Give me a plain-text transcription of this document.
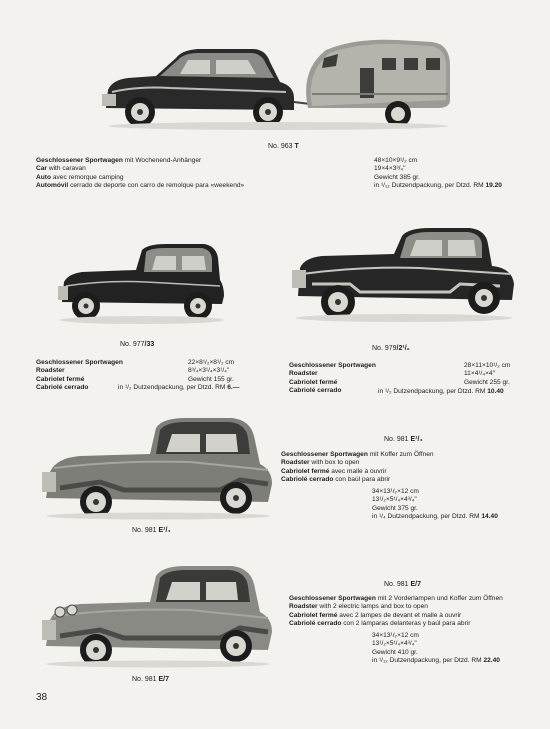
No. 963 T
Geschlossener Sportwagen mit Wochenend-Anhänger
Car with caravan
Auto avec remorque camping
Automóvil cerrado de deporte con carro de remolque para «weekend»
48×10×9¹/₂ cm
19×4×3³/₄"
Gewicht 385 gr.
in ¹/₁₂ Dutzendpackung, per Dtzd. RM 19.20
No. 977/33
Geschlossener Sportwagen
Roadster
Cabriolet fermé
Cabriolé cerrado
22×8¹/₂×8¹/₂ cm
8³/₄×3¹/₄×3¹/₄"
Gewicht 155 gr.
in ¹/₂ Dutzendpackung, per Dtzd. RM 6.—
No. 979/2¹/₂
Geschlossener Sportwagen
Roadster
Cabriolet fermé
Cabriolé cerrado
28×11×10¹/₂ cm
11×4¹/₄×4"
Gewicht 255 gr.
in ¹/₂ Dutzendpackung, per Dtzd. RM 10.40
No. 981 E¹/₄
No. 981 E¹/₄
Geschlossener Sportwagen mit Koffer zum Öffnen
Roadster with box to open
Cabriolet fermé avec malle à ouvrir
Cabriolé cerrado con baúl para abrir
34×13¹/₂×12 cm
13¹/₂×5¹/₄×4³/₄"
Gewicht 375 gr.
in ¹/₄ Dutzendpackung, per Dtzd. RM 14.40
No. 981 E/7
No. 981 E/7
Geschlossener Sportwagen mit 2 Vorderlampen und Koffer zum Öffnen
Roadster with 2 electric lamps and box to open
Cabriolet fermé avec 2 lampes de devant et malle à ouvrir
Cabriolé cerrado con 2 lámparas delanteras y baúl para abrir
34×13¹/₂×12 cm
13¹/₂×5¹/₄×4³/₄"
Gewicht 410 gr.
in ¹/₁₂ Dutzendpackung, per Dtzd. RM 22.40
38
